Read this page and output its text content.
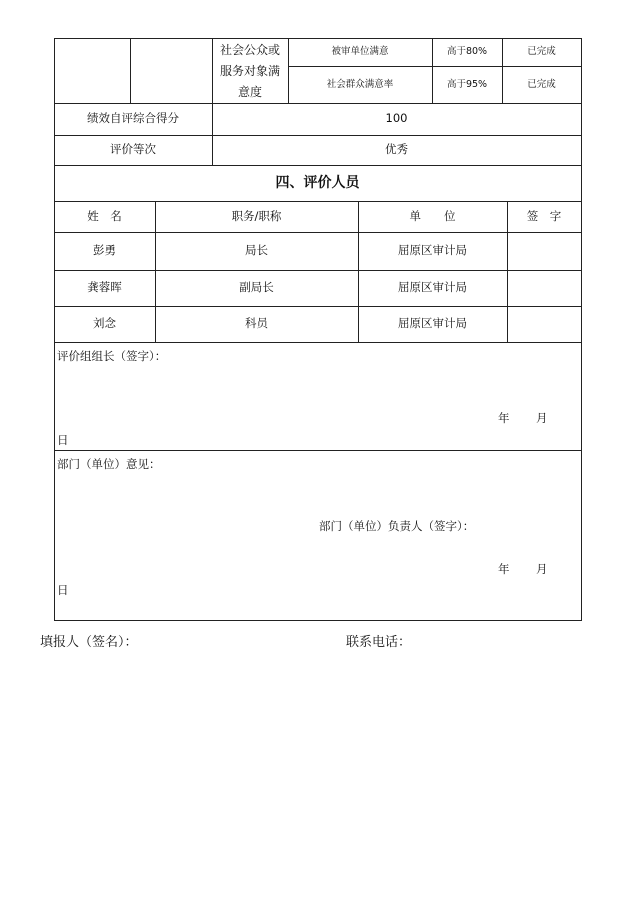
社会公众或
服务对象满
意度
被审单位满意	高于80%	已完成
社会群众满意率	高于95%	已完成
绩效自评综合得分	100
评价等次	优秀
四、评价人员
姓　名	职务/职称	单　　位	签　字
彭勇	局长	屈原区审计局
龚蓉晖	副局长	屈原区审计局
刘念	科员	屈原区审计局
评价组组长（签字）：
年 月
日
部门（单位）意见：
部门（单位）负责人（签字）：
年 月
日
填报人（签名）：	联系电话：
